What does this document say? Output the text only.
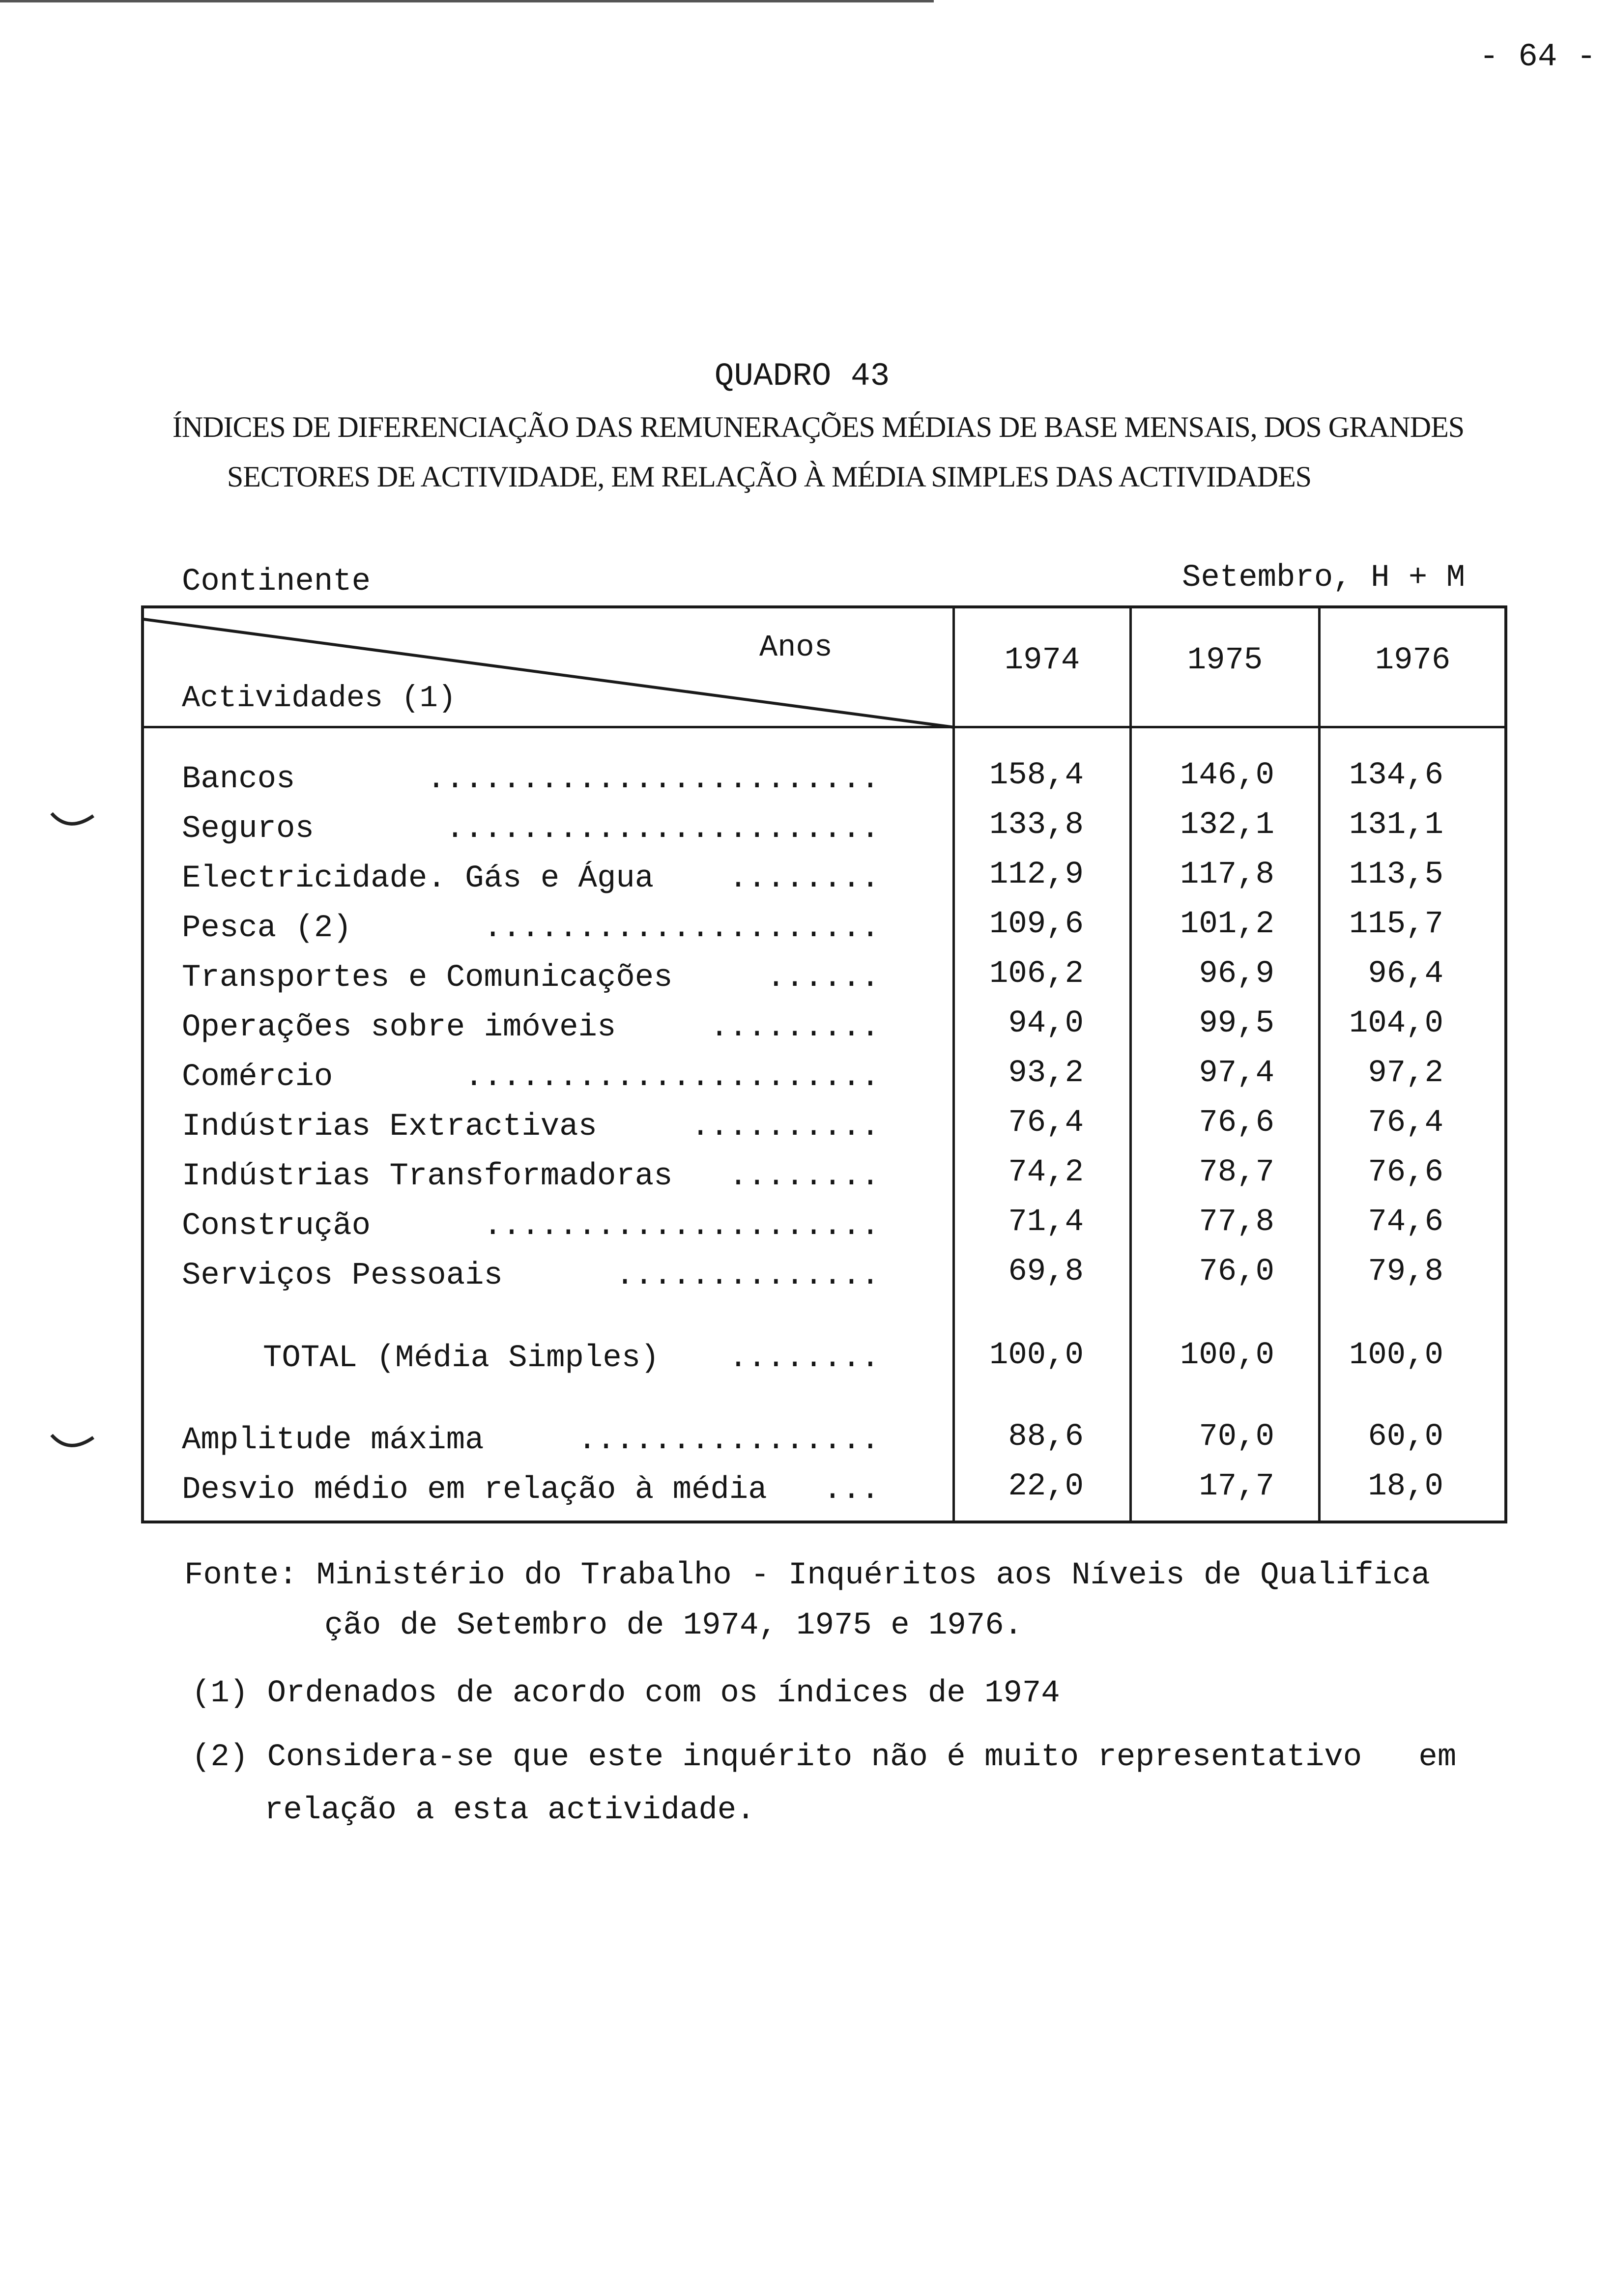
- 64 -
QUADRO 43
ÍNDICES DE DIFERENCIAÇÃO DAS REMUNERAÇÕES MÉDIAS DE BASE MENSAIS, DOS GRANDES
SECTORES DE ACTIVIDADE, EM RELAÇÃO À MÉDIA SIMPLES DAS ACTIVIDADES
Continente	Setembro, H + M
Anos
Actividades (1)
1974	1975	1976
Bancos	........................	158,4	146,0	134,6
Seguros	.......................	133,8	132,1	131,1
Electricidade. Gás e Água ........	112,9	117,8	113,5
Pesca (2)	.....................	109,6	101,2	115,7
Transportes e Comunicações	......	106,2	96,9	96,4
Operações sobre imóveis	.........	94,0	99,5	104,0
Comércio	......................	93,2	97,4	97,2
Indústrias Extractivas	..........	76,4	76,6	76,4
Indústrias Transformadoras ........	74,2	78,7	76,6
Construção	.....................	71,4	77,8	74,6
Serviços Pessoais	..............	69,8	76,0	79,8
TOTAL (Média Simples) ........	100,0	100,0	100,0
Amplitude máxima	................	88,6	70,0	60,0
Desvio médio em relação à média ...	22,0	17,7	18,0
Fonte: Ministério do Trabalho - Inquéritos aos Níveis de Qualifica
ção de Setembro de 1974, 1975 e 1976.
(1) Ordenados de acordo com os índices de 1974
(2) Considera-se que este inquérito não é muito representativo   em
relação a esta actividade.
